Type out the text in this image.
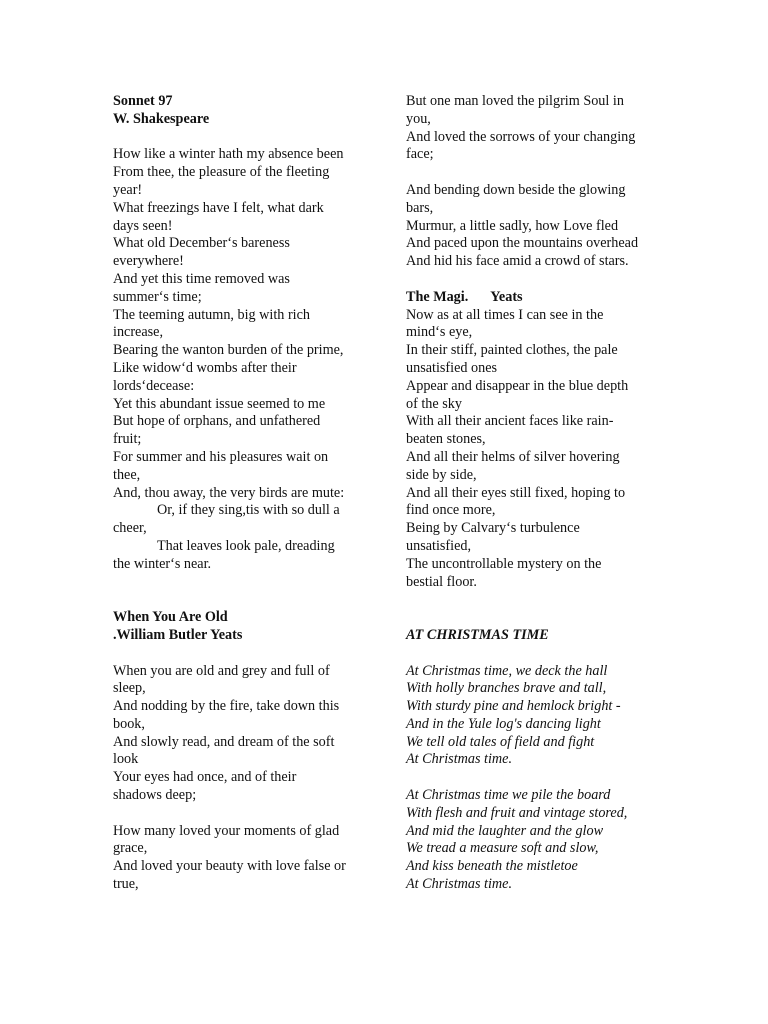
Sonnet 97
W. Shakespeare
How like a winter hath my absence been
From thee, the pleasure of the fleeting
year!
What freezings have I felt, what dark
days seen!
What old December‘s bareness
everywhere!
And yet this time removed was
summer‘s time;
The teeming autumn, big with rich
increase,
Bearing the wanton burden of the prime,
Like widow‘d wombs after their
lords‘decease:
Yet this abundant issue seemed to me
But hope of orphans, and unfathered
fruit;
For summer and his pleasures wait on
thee,
And, thou away, the very birds are mute:
Or, if they sing,tis with so dull a
cheer,
That leaves look pale, dreading
the winter‘s near.
When You Are Old
.William Butler Yeats
When you are old and grey and full of
sleep,
And nodding by the fire, take down this
book,
And slowly read, and dream of the soft
look
Your eyes had once, and of their
shadows deep;
How many loved your moments of glad
grace,
And loved your beauty with love false or
true,
But one man loved the pilgrim Soul in
you,
And loved the sorrows of your changing
face;
And bending down beside the glowing
bars,
Murmur, a little sadly, how Love fled
And paced upon the mountains overhead
And hid his face amid a crowd of stars.
The Magi. Yeats
Now as at all times I can see in the
mind‘s eye,
In their stiff, painted clothes, the pale
unsatisfied ones
Appear and disappear in the blue depth
of the sky
With all their ancient faces like rain-
beaten stones,
And all their helms of silver hovering
side by side,
And all their eyes still fixed, hoping to
find once more,
Being by Calvary‘s turbulence
unsatisfied,
The uncontrollable mystery on the
bestial floor.
AT CHRISTMAS TIME
At Christmas time, we deck the hall
With holly branches brave and tall,
With sturdy pine and hemlock bright -
And in the Yule log's dancing light
We tell old tales of field and fight
At Christmas time.
At Christmas time we pile the board
With flesh and fruit and vintage stored,
And mid the laughter and the glow
We tread a measure soft and slow,
And kiss beneath the mistletoe
At Christmas time.
